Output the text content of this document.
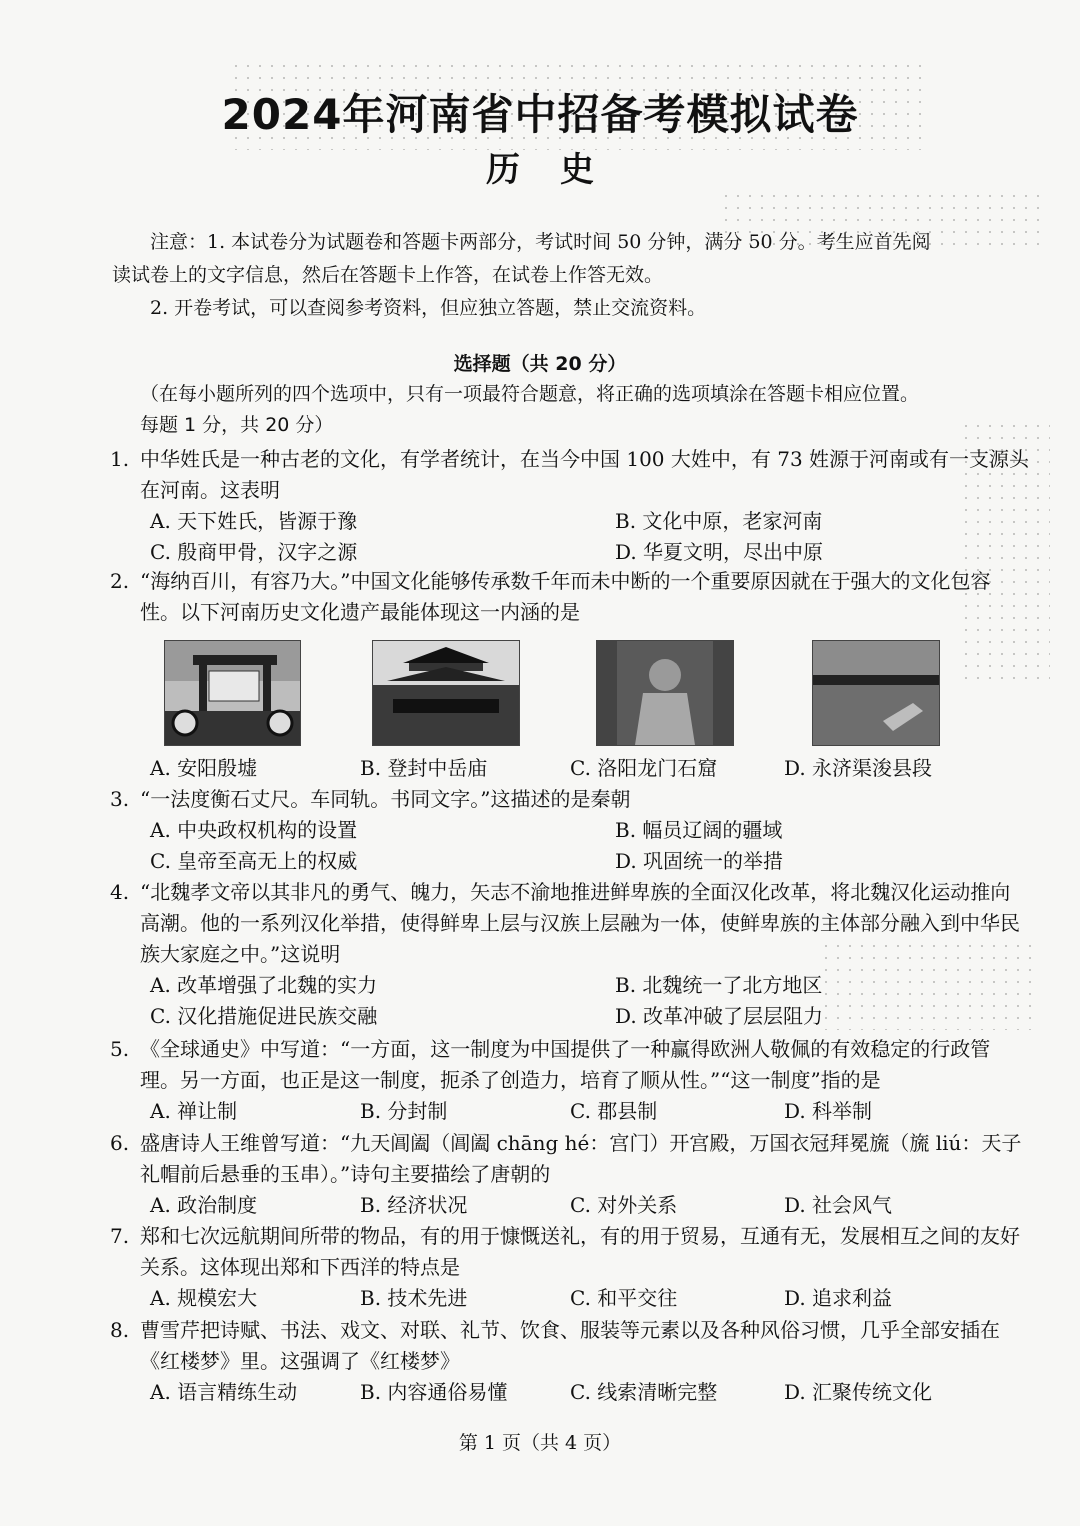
2024年河南省中招备考模拟试卷
历史
注意：1. 本试卷分为试题卷和答题卡两部分，考试时间 50 分钟，满分 50 分。考生应首先阅
读试卷上的文字信息，然后在答题卡上作答，在试卷上作答无效。
2. 开卷考试，可以查阅参考资料，但应独立答题，禁止交流资料。
选择题（共 20 分）
（在每小题所列的四个选项中，只有一项最符合题意，将正确的选项填涂在答题卡相应位置。
每题 1 分，共 20 分）
1. 中华姓氏是一种古老的文化，有学者统计，在当今中国 100 大姓中，有 73 姓源于河南或有一支源头在河南。这表明
A. 天下姓氏，皆源于豫	B. 文化中原，老家河南
C. 殷商甲骨，汉字之源	D. 华夏文明，尽出中原
2. “海纳百川，有容乃大。”中国文化能够传承数千年而未中断的一个重要原因就在于强大的文化包容性。以下河南历史文化遗产最能体现这一内涵的是
A. 安阳殷墟	B. 登封中岳庙	C. 洛阳龙门石窟	D. 永济渠浚县段
3. “一法度衡石丈尺。车同轨。书同文字。”这描述的是秦朝
A. 中央政权机构的设置	B. 幅员辽阔的疆域
C. 皇帝至高无上的权威	D. 巩固统一的举措
4. “北魏孝文帝以其非凡的勇气、魄力，矢志不渝地推进鲜卑族的全面汉化改革，将北魏汉化运动推向高潮。他的一系列汉化举措，使得鲜卑上层与汉族上层融为一体，使鲜卑族的主体部分融入到中华民族大家庭之中。”这说明
A. 改革增强了北魏的实力	B. 北魏统一了北方地区
C. 汉化措施促进民族交融	D. 改革冲破了层层阻力
5. 《全球通史》中写道：“一方面，这一制度为中国提供了一种赢得欧洲人敬佩的有效稳定的行政管理。另一方面，也正是这一制度，扼杀了创造力，培育了顺从性。”“这一制度”指的是
A. 禅让制	B. 分封制	C. 郡县制	D. 科举制
6. 盛唐诗人王维曾写道：“九天阊阖（阊阖 chāng hé：宫门）开宫殿，万国衣冠拜冕旒（旒 liú：天子礼帽前后悬垂的玉串）。”诗句主要描绘了唐朝的
A. 政治制度	B. 经济状况	C. 对外关系	D. 社会风气
7. 郑和七次远航期间所带的物品，有的用于慷慨送礼，有的用于贸易，互通有无，发展相互之间的友好关系。这体现出郑和下西洋的特点是
A. 规模宏大	B. 技术先进	C. 和平交往	D. 追求利益
8. 曹雪芹把诗赋、书法、戏文、对联、礼节、饮食、服装等元素以及各种风俗习惯，几乎全部安插在《红楼梦》里。这强调了《红楼梦》
A. 语言精练生动	B. 内容通俗易懂	C. 线索清晰完整	D. 汇聚传统文化
第 1 页（共 4 页）
